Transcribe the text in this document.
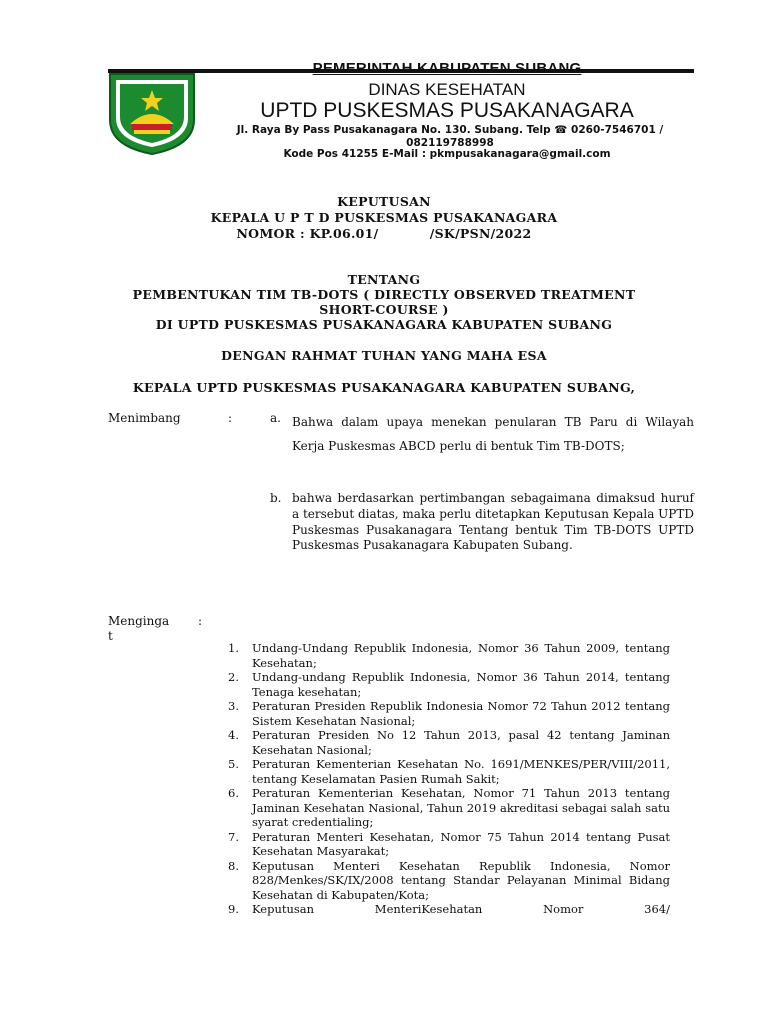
PEMERINTAH KABUPATEN SUBANG
DINAS KESEHATAN
UPTD PUSKESMAS PUSAKANAGARA
Jl. Raya By Pass Pusakanagara No. 130. Subang. Telp ☎ 0260-7546701 / 082119788998
Kode Pos 41255 E-Mail : pkmpusakanagara@gmail.com
KEPUTUSAN
KEPALA U P T D PUSKESMAS PUSAKANAGARA
NOMOR : KP.06.01/           /SK/PSN/2022
TENTANG
PEMBENTUKAN TIM TB-DOTS ( DIRECTLY OBSERVED TREATMENT
SHORT-COURSE )
DI UPTD PUSKESMAS PUSAKANAGARA KABUPATEN SUBANG
DENGAN RAHMAT TUHAN YANG MAHA ESA
KEPALA UPTD PUSKESMAS PUSAKANAGARA KABUPATEN SUBANG,
Menimbang	:	a. Bahwa dalam upaya menekan penularan TB Paru di Wilayah Kerja Puskesmas ABCD perlu di bentuk Tim TB-DOTS;
b. bahwa berdasarkan pertimbangan sebagaimana dimaksud huruf a tersebut diatas, maka perlu ditetapkan Keputusan Kepala UPTD Puskesmas Pusakanagara Tentang bentuk Tim TB-DOTS UPTD Puskesmas Pusakanagara Kabupaten Subang.
Menginga
t
:
1. Undang-Undang Republik Indonesia, Nomor 36 Tahun 2009, tentang Kesehatan;
2. Undang-undang Republik Indonesia, Nomor 36 Tahun 2014, tentang Tenaga kesehatan;
3. Peraturan Presiden Republik Indonesia Nomor 72 Tahun 2012 tentang Sistem Kesehatan Nasional;
4. Peraturan Presiden No 12 Tahun 2013, pasal 42 tentang Jaminan Kesehatan Nasional;
5. Peraturan Kementerian Kesehatan No. 1691/MENKES/PER/VIII/2011, tentang Keselamatan Pasien Rumah Sakit;
6. Peraturan Kementerian Kesehatan, Nomor 71 Tahun 2013 tentang Jaminan Kesehatan Nasional, Tahun 2019 akreditasi sebagai salah satu syarat credentialing;
7. Peraturan Menteri Kesehatan, Nomor 75 Tahun 2014 tentang Pusat Kesehatan Masyarakat;
8. Keputusan Menteri Kesehatan Republik Indonesia, Nomor 828/Menkes/SK/IX/2008 tentang Standar Pelayanan Minimal Bidang Kesehatan di Kabupaten/Kota;
9. Keputusan MenteriKesehatan Nomor 364/
